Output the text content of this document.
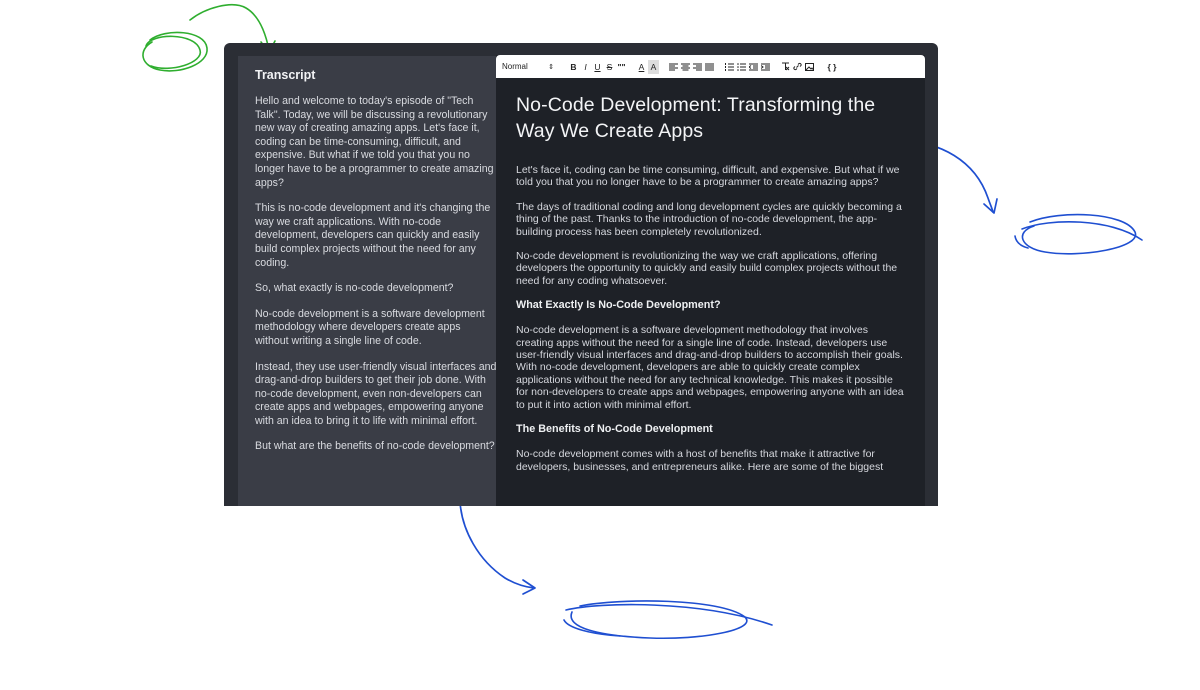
Transcript

Hello and welcome to today's episode of "Tech Talk". Today, we will be discussing a revolutionary new way of creating amazing apps. Let's face it, coding can be time-consuming, difficult, and expensive. But what if we told you that you no longer have to be a programmer to create amazing apps?

This is no-code development and it's changing the way we craft applications. With no-code development, developers can quickly and easily build complex projects without the need for any coding.

So, what exactly is no-code development?

No-code development is a software development methodology where developers create apps without writing a single line of code.

Instead, they use user-friendly visual interfaces and drag-and-drop builders to get their job done. With no-code development, even non-developers can create apps and webpages, empowering anyone with an idea to bring it to life with minimal effort.

But what are the benefits of no-code development?

Normal	⇕ B I U S ""	A A	{ }
No-Code Development: Transforming the Way We Create Apps

Let's face it, coding can be time consuming, difficult, and expensive. But what if we told you that you no longer have to be a programmer to create amazing apps?

The days of traditional coding and long development cycles are quickly becoming a thing of the past. Thanks to the introduction of no-code development, the app-building process has been completely revolutionized.

No-code development is revolutionizing the way we craft applications, offering developers the opportunity to quickly and easily build complex projects without the need for any coding whatsoever.

What Exactly Is No-Code Development?

No-code development is a software development methodology that involves creating apps without the need for a single line of code. Instead, developers use user-friendly visual interfaces and drag-and-drop builders to accomplish their goals. With no-code development, developers are able to quickly create complex applications without the need for any technical knowledge. This makes it possible for non-developers to create apps and webpages, empowering anyone with an idea to put it into action with minimal effort.

The Benefits of No-Code Development

No-code development comes with a host of benefits that make it attractive for developers, businesses, and entrepreneurs alike. Here are some of the biggest
